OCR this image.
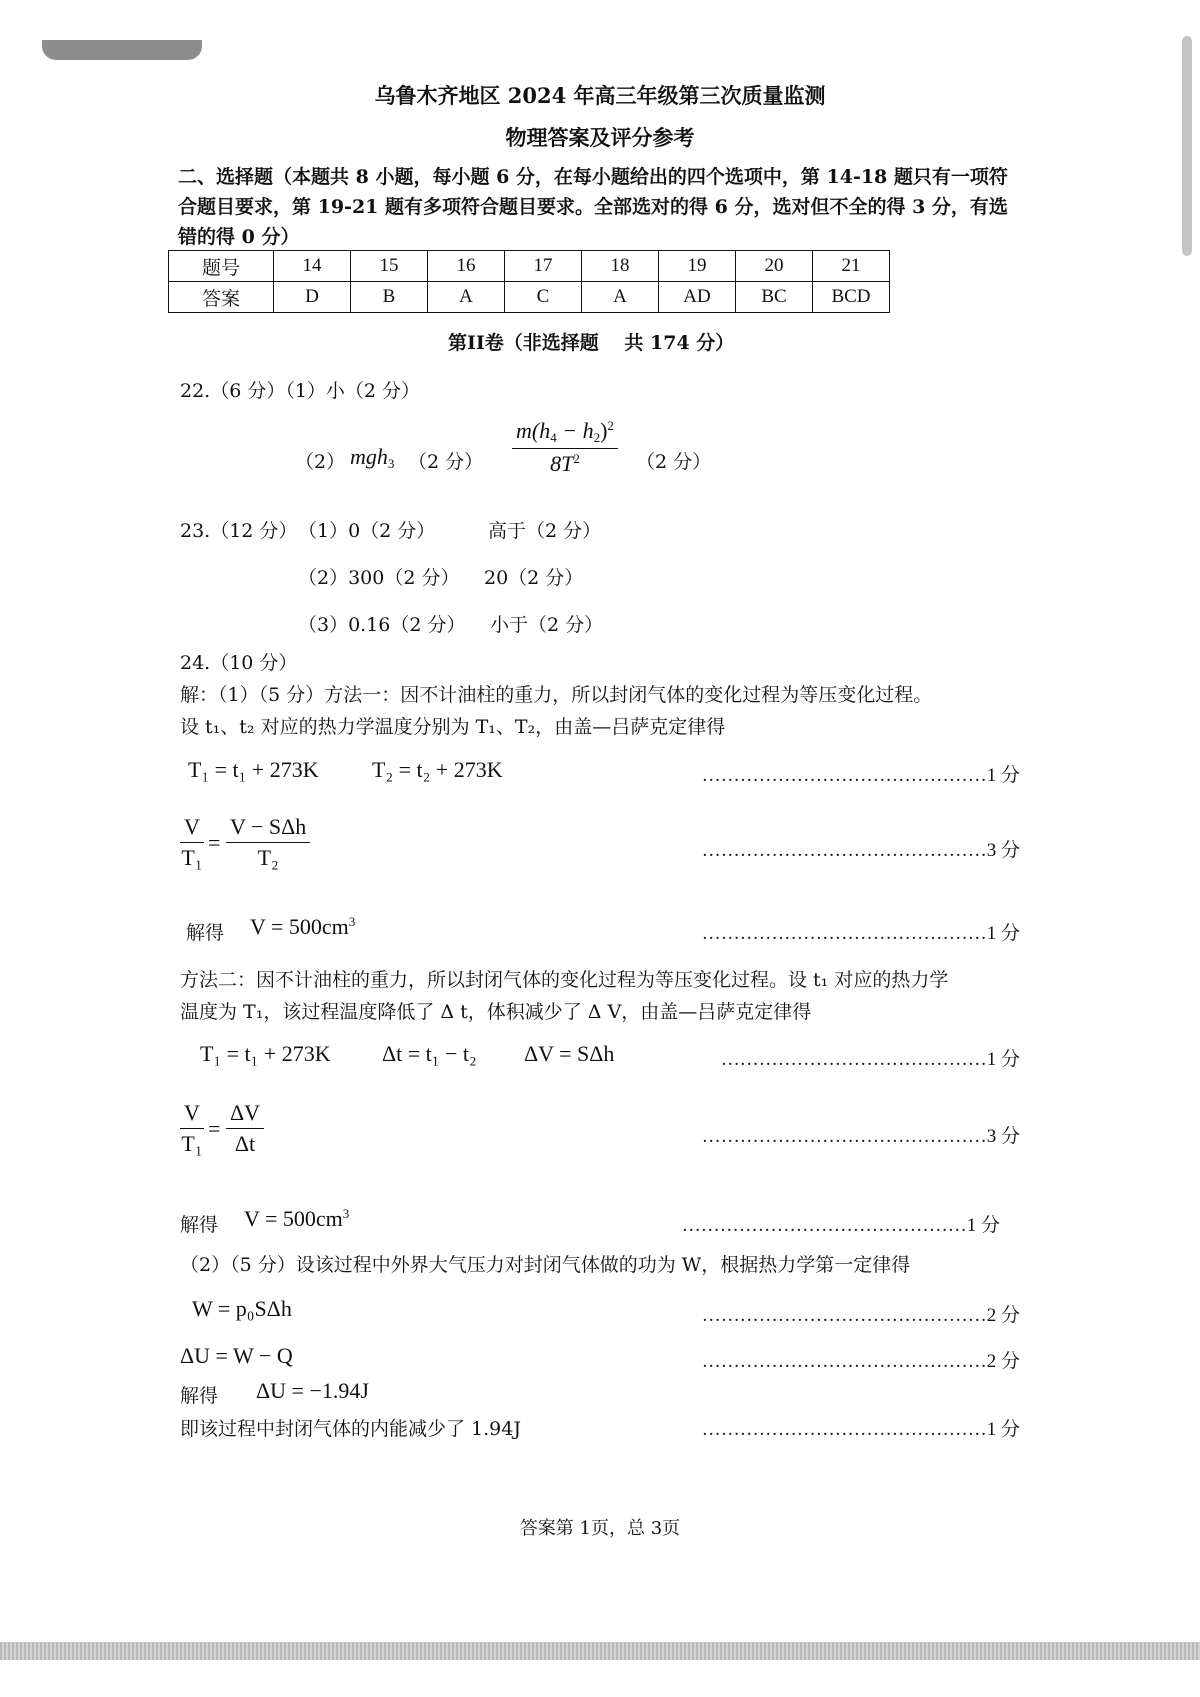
乌鲁木齐地区 2024 年高三年级第三次质量监测
物理答案及评分参考
二、选择题（本题共 8 小题，每小题 6 分，在每小题给出的四个选项中，第 14-18 题只有一项符合题目要求，第 19-21 题有多项符合题目要求。全部选对的得 6 分，选对但不全的得 3 分，有选错的得 0 分）
题号	14	15	16	17	18	19	20	21
答案	D	B	A	C	A	AD	BC	BCD
第II卷（非选择题　 共 174 分）
22.（6 分）（1）小（2 分）
（2） mgh$_3$ （2 分） $\frac{m(h_4 - h_2)^2}{8T^2} (2$ 分）
23.（12 分） （1）0（2 分）	高于（2 分）
（2）300（2 分） 20（2 分）
（3）0.16（2 分） 小于（2 分）
24.（10 分）
解：（1）（5 分）方法一：因不计油柱的重力，所以封闭气体的变化过程为等压变化过程。
设 t₁、t₂ 对应的热力学温度分别为 T₁、T₂，由盖—吕萨克定律得
T₁ = t₁ + 273K T₂ = t₂ + 273K	………………………………………1 分
$\frac{V}{\text{T₁}}$ =
V − SΔh
T₂	………………………………………3 分
解得 $V = 500cm^3$
………………………………………1 分
方法二：因不计油柱的重力，所以封闭气体的变化过程为等压变化过程。设 t₁ 对应的热力学
温度为 T₁，该过程温度降低了 Δ t，体积减少了 Δ V，由盖—吕萨克定律得
T₁ = t₁ + 273K Δt = t₁ − t₂ ΔV = SΔh	……………………………………1 分
$\frac{V}{\text{T₁}} = \frac{\Delta V}{\Delta t}$	………………………………………3 分
解得 $V = 500cm^3$
………………………………………1 分
（2）（5 分）设该过程中外界大气压力对封闭气体做的功为 W，根据热力学第一定律得
W = p₀SΔh	………………………………………2 分
ΔU = W − Q	………………………………………2 分
解得 ΔU = −1.94J
即该过程中封闭气体的内能减少了 1.94J	………………………………………1 分
答案第 1页，总 3页
